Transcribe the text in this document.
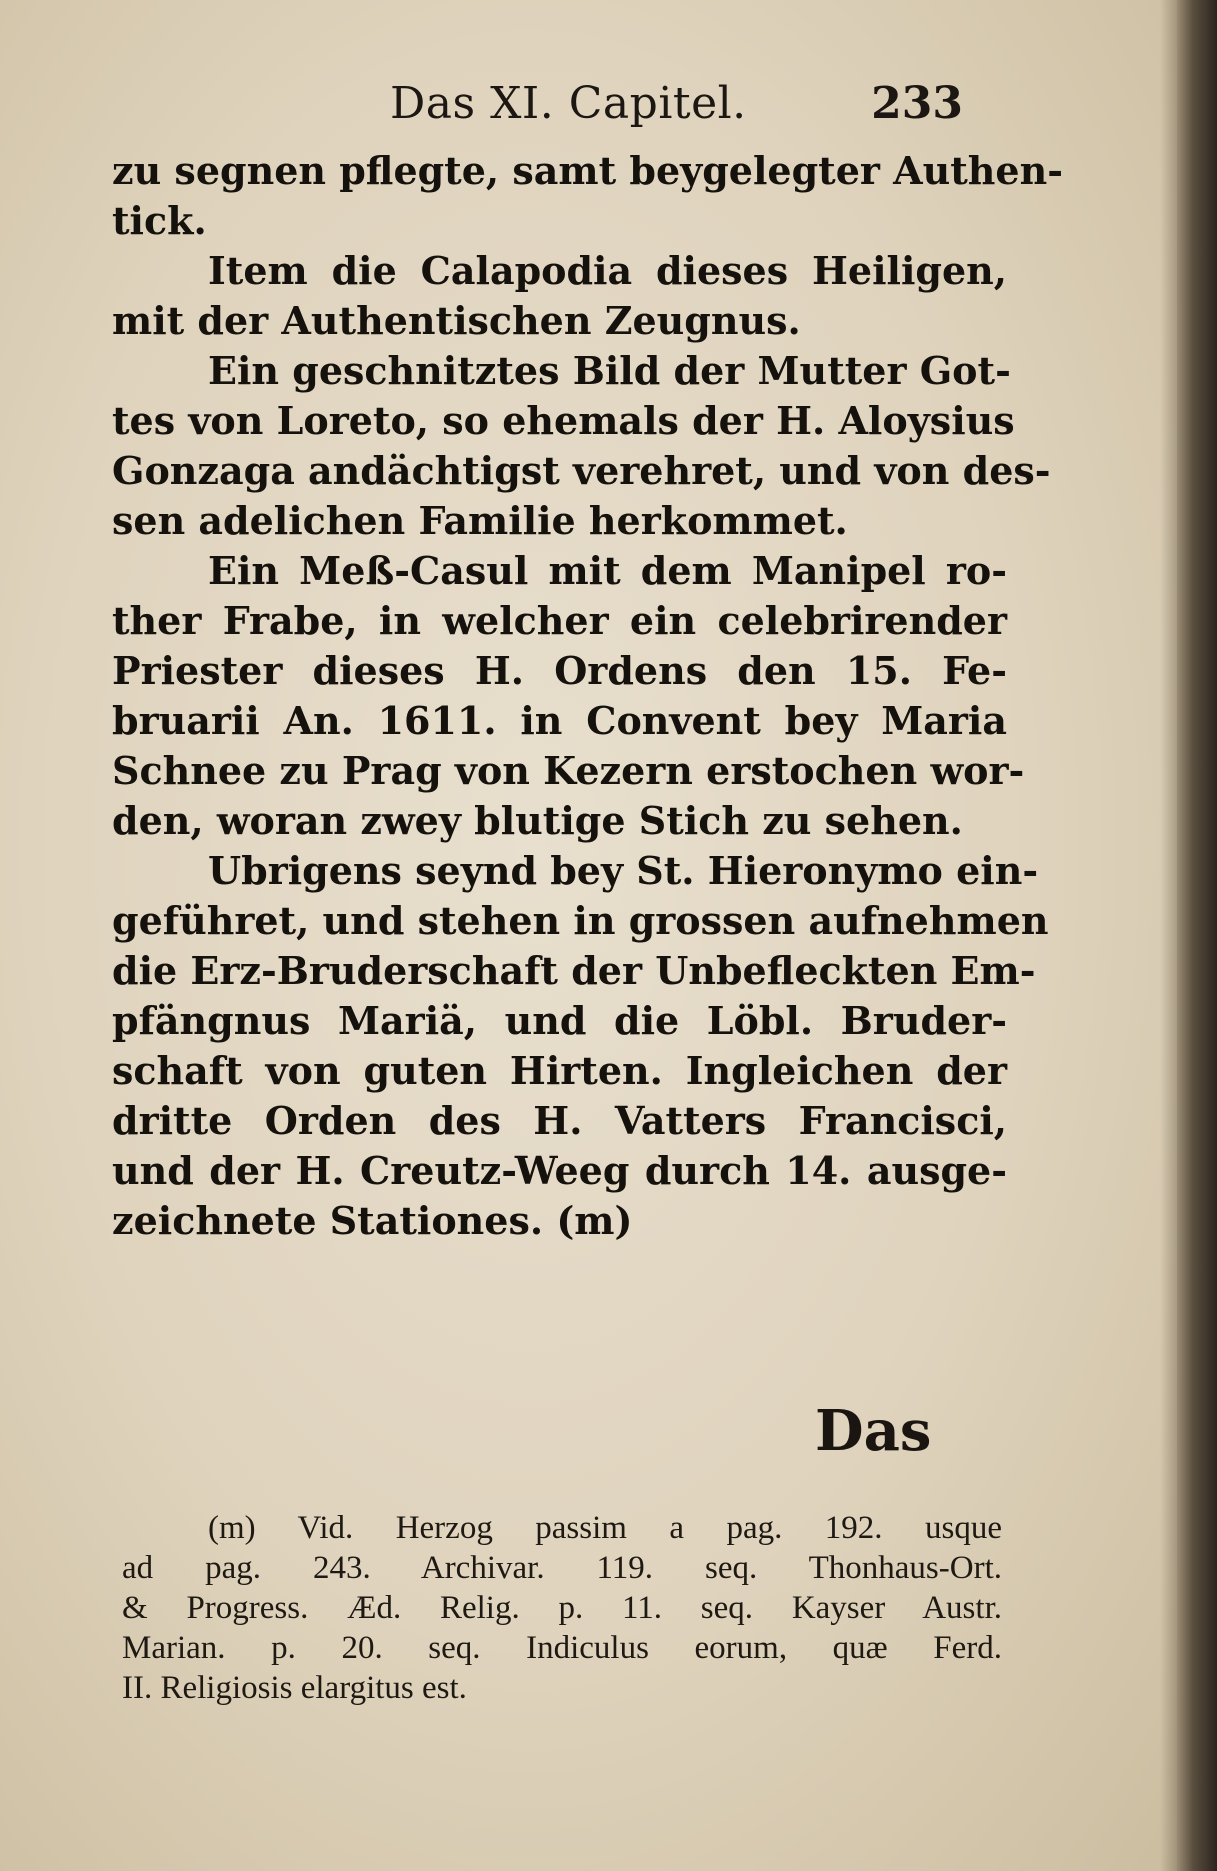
Das XI. Capitel.	233
zu segnen pflegte, samt beygelegter Authen-
tick.
Item die Calapodia dieses Heiligen,
mit der Authentischen Zeugnus.
Ein geschnitztes Bild der Mutter Got-
tes von Loreto, so ehemals der H. Aloysius
Gonzaga andächtigst verehret, und von des-
sen adelichen Familie herkommet.
Ein Meß-Casul mit dem Manipel ro-
ther Frabe, in welcher ein celebrirender
Priester dieses H. Ordens den 15. Fe-
bruarii An. 1611. in Convent bey Maria
Schnee zu Prag von Kezern erstochen wor-
den, woran zwey blutige Stich zu sehen.
Ubrigens seynd bey St. Hieronymo ein-
geführet, und stehen in grossen aufnehmen
die Erz-Bruderschaft der Unbefleckten Em-
pfängnus Mariä, und die Löbl. Bruder-
schaft von guten Hirten. Ingleichen der
dritte Orden des H. Vatters Francisci,
und der H. Creutz-Weeg durch 14. ausge-
zeichnete Stationes. (m)
Das
(m) Vid. Herzog passim a pag. 192. usque
ad pag. 243. Archivar. 119. seq. Thonhaus-Ort.
& Progress. Æd. Relig. p. 11. seq. Kayser Austr.
Marian. p. 20. seq. Indiculus eorum, quæ Ferd.
II. Religiosis elargitus est.
